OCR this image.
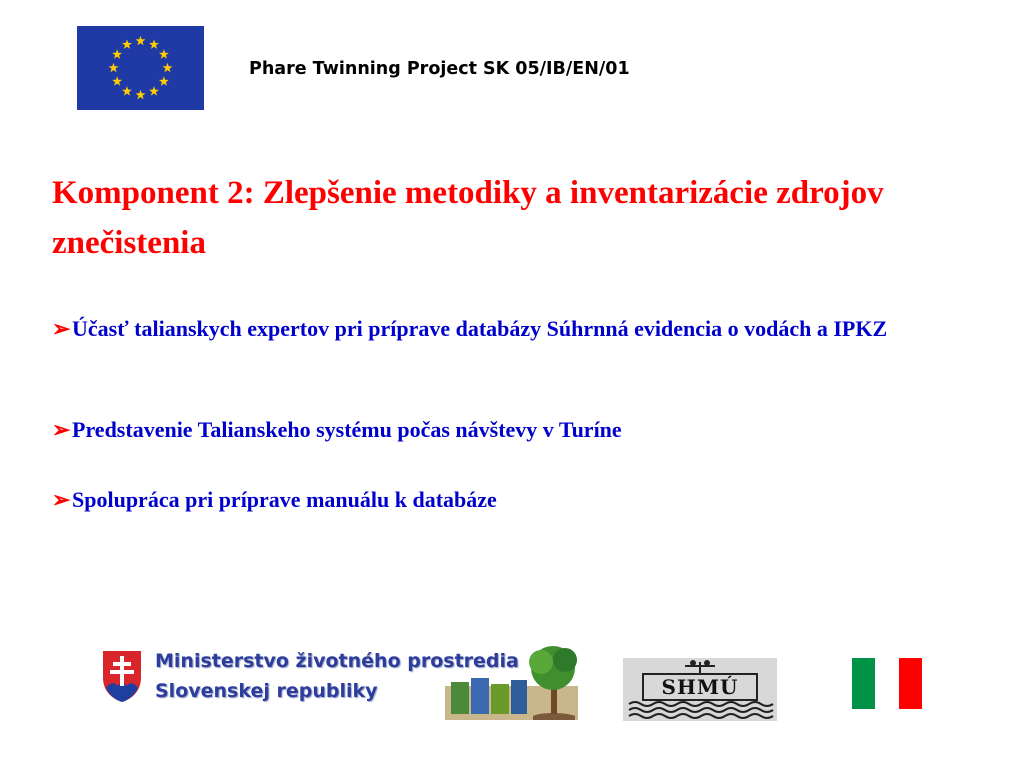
Phare Twinning Project SK 05/IB/EN/01
Komponent 2: Zlepšenie metodiky a inventarizácie zdrojov znečistenia
➢ Účasť talianskych expertov pri príprave databázy Súhrnná evidencia o vodách a IPKZ
➢ Predstavenie Talianskeho systému počas návštevy v Turíne
➢ Spolupráca pri príprave manuálu k databáze
Ministerstvo životného prostredia
Slovenskej republiky	SHMÚ
